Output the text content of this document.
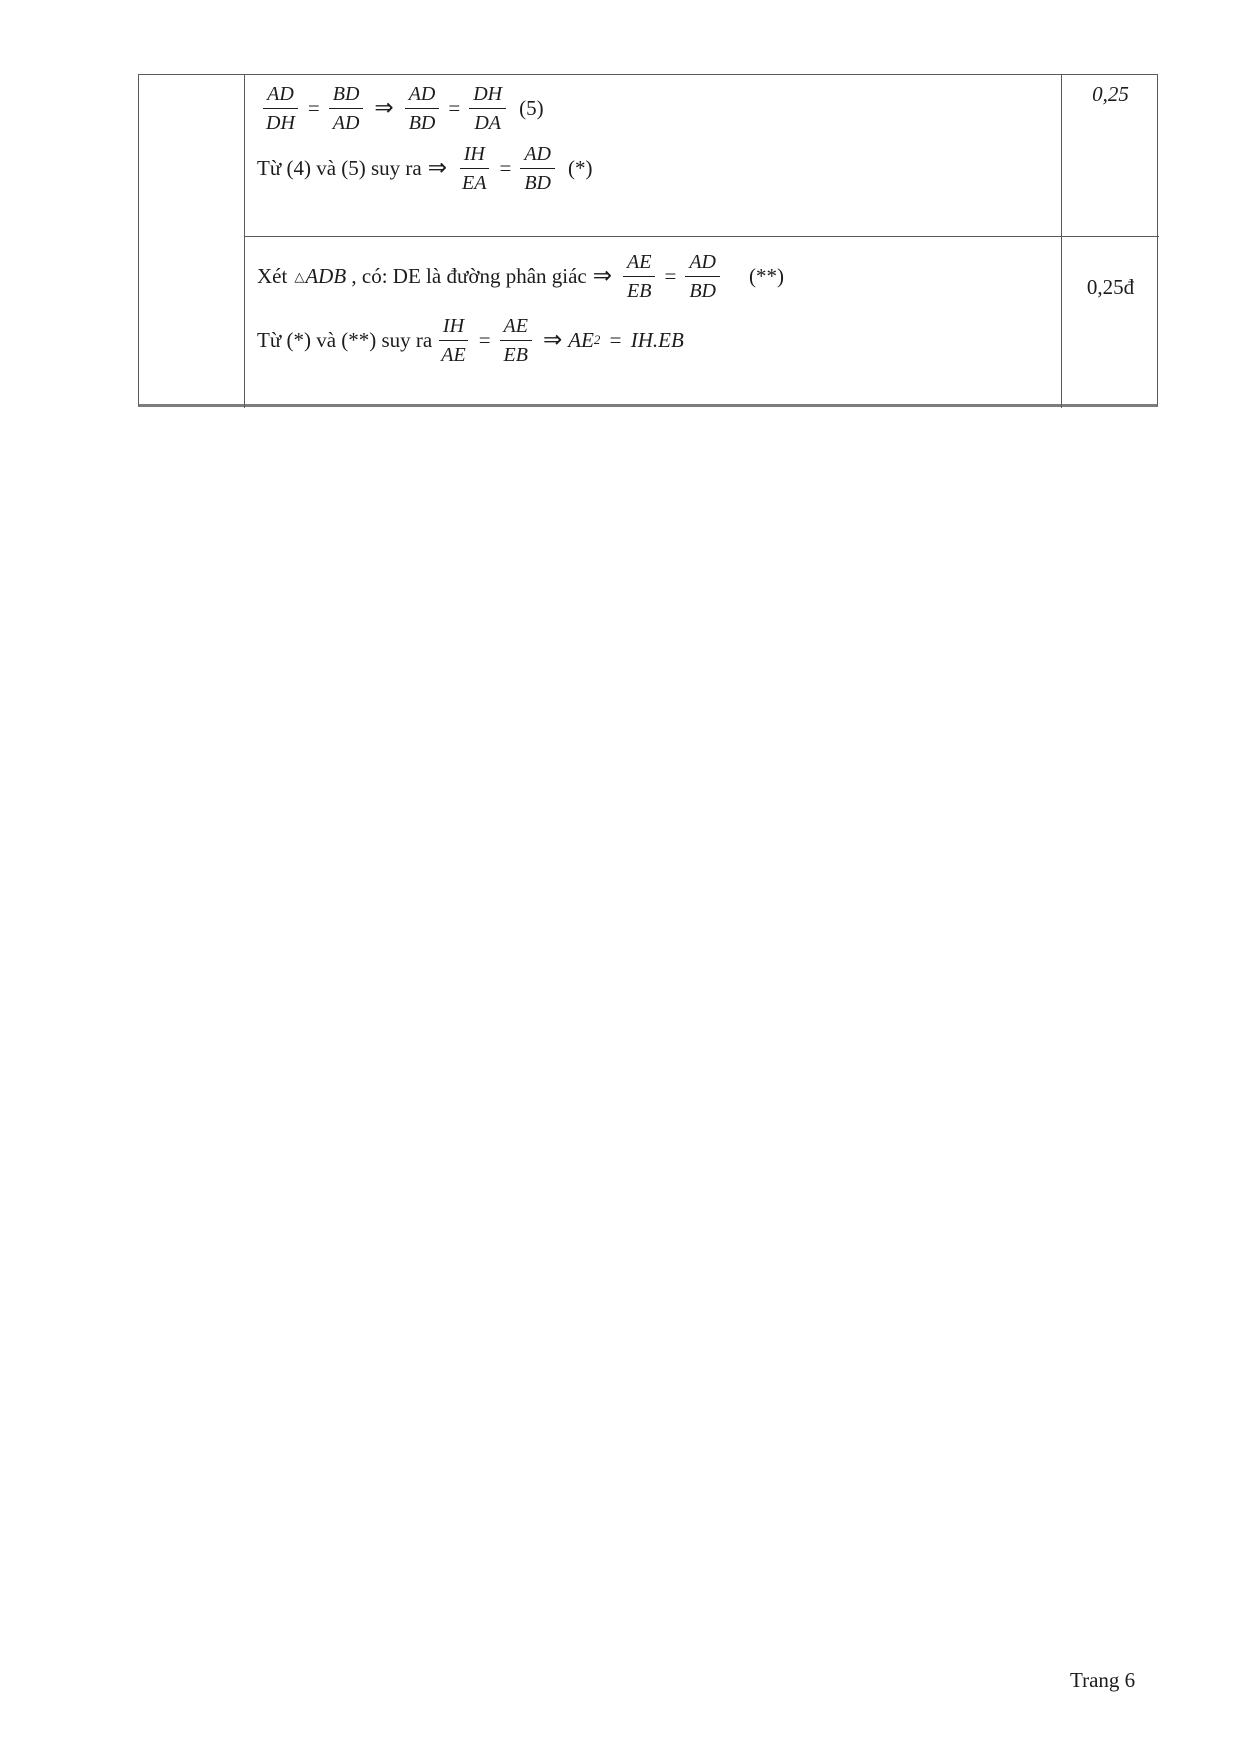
$\frac{AD}{DH} = \frac{BD}{AD}$ ⇒ $\frac{AD}{BD} = \frac{DH}{DA} (5)$
Từ (4) và (5) suy ra ⇒ $\frac{IH}{EA} = \frac{AD}{BD}$ (*)
0,25
Xét △ ADB , có: DE là đường phân giác ⇒ $\frac{AE}{EB} = \frac{AD}{BD}$ (**)
Từ (*) và (**) suy ra $\frac{IH}{AE} = \frac{AE}{EB}$ ⇒ AE 2 = IH.EB
0,25đ
Trang 6
